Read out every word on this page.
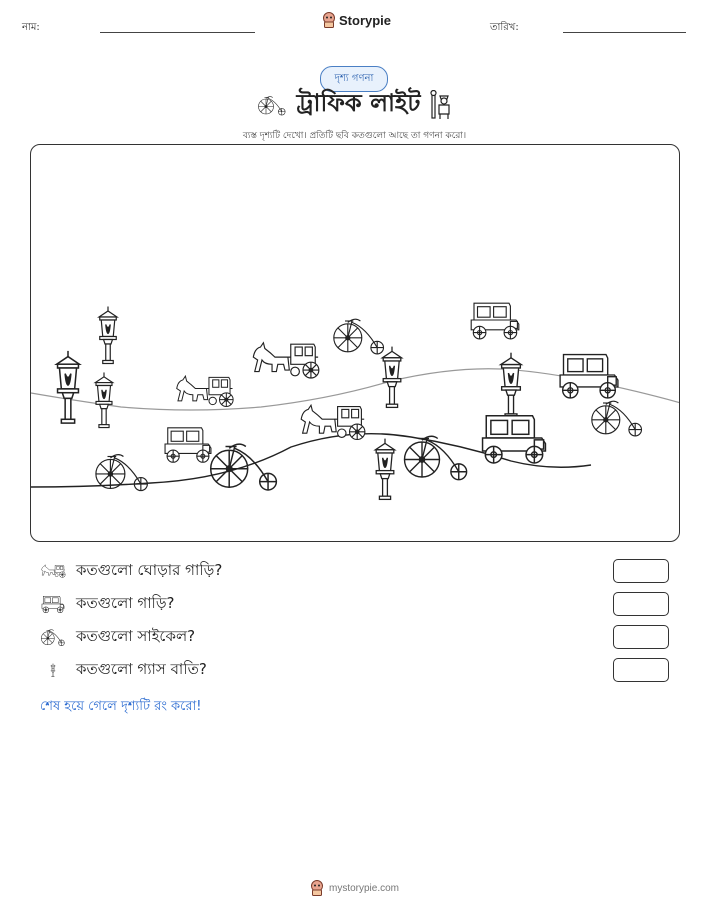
নাম:	Storypie	তারিখ:
দৃশ্য গণনা
ট্রাফিক লাইট
ব্যস্ত দৃশ্যটি দেখো। প্রতিটি ছবি কতগুলো আছে তা গণনা করো।
কতগুলো ঘোড়ার গাড়ি?
কতগুলো গাড়ি?
কতগুলো সাইকেল?
কতগুলো গ্যাস বাতি?
শেষ হয়ে গেলে দৃশ্যটি রং করো!
mystorypie.com
